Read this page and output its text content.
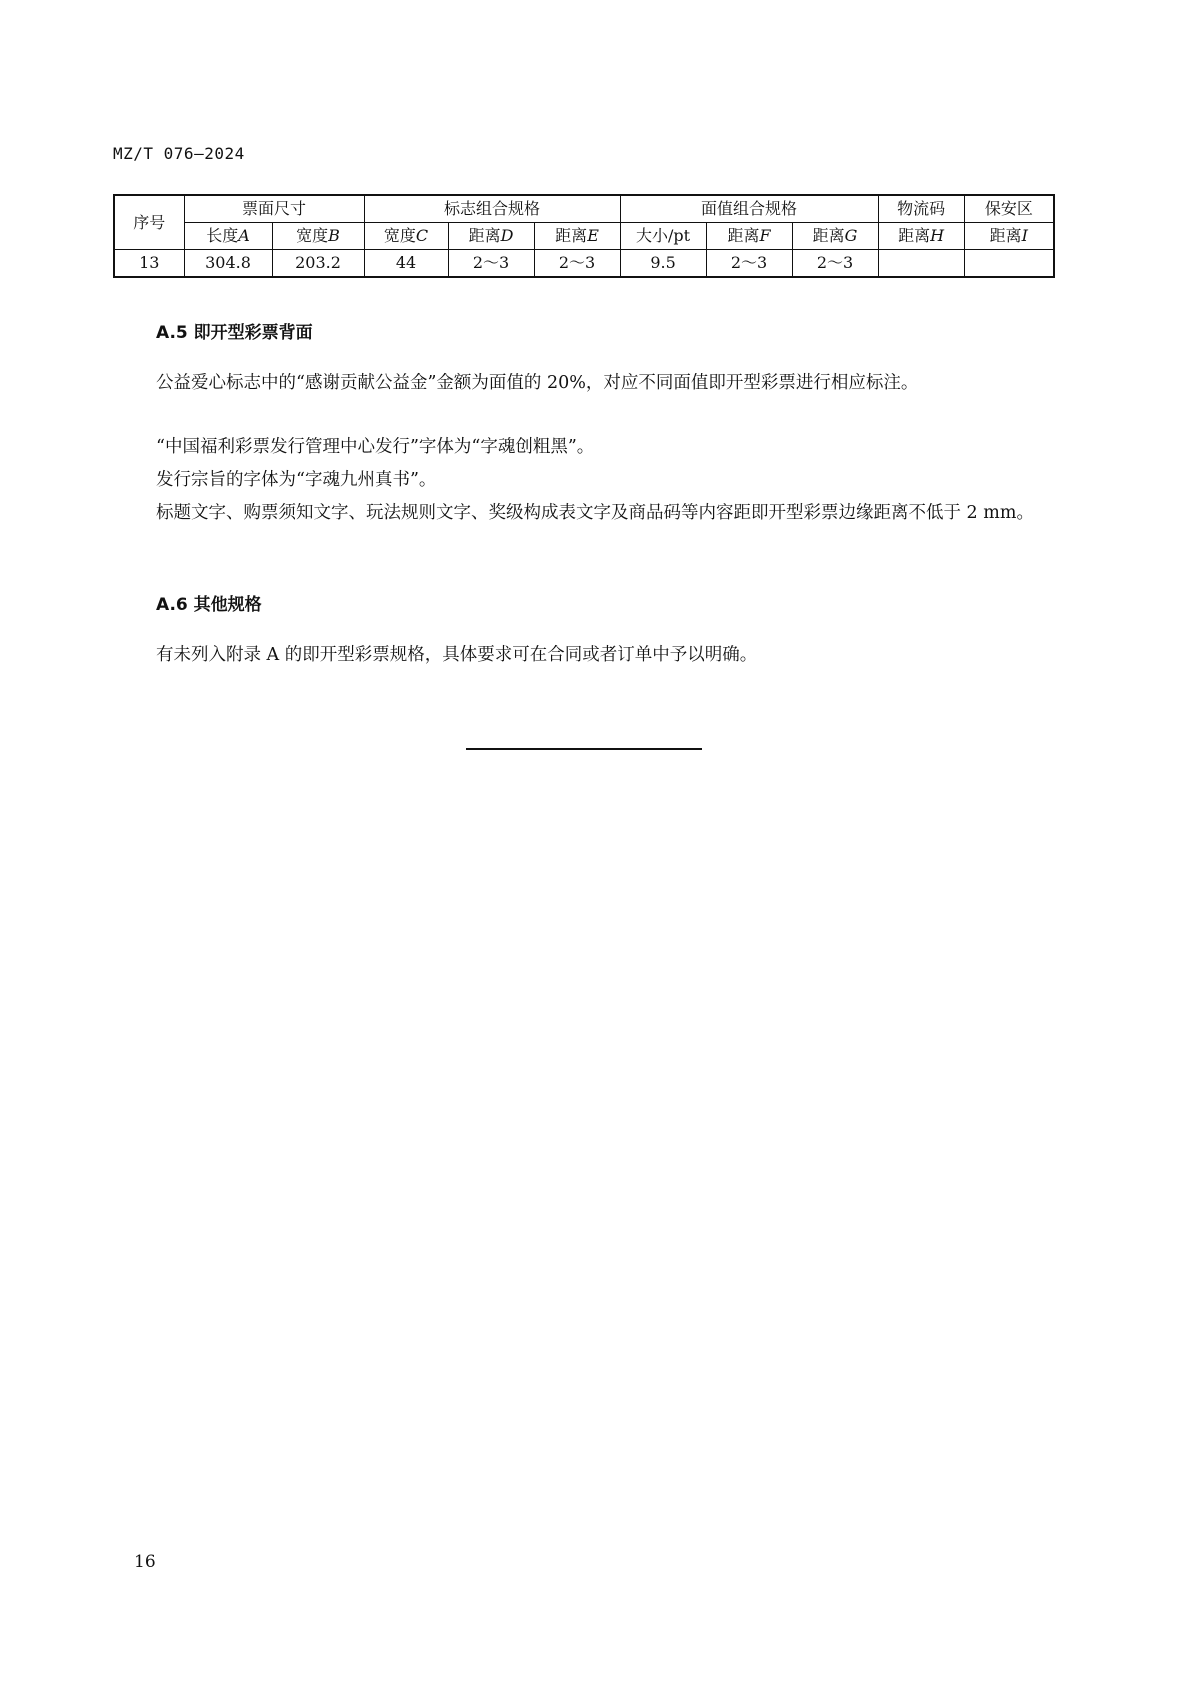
MZ/T 076—2024
序号	票面尺寸		标志组合规格			面值组合规格			物流码	保安区
	长度A	宽度B	宽度C	距离D	距离E	大小/pt	距离F	距离G	距离H	距离I
13	304.8	203.2	44	2～3	2～3	9.5	2～3	2～3		
A.5 即开型彩票背面
公益爱心标志中的“感谢贡献公益金”金额为面值的 20%，对应不同面值即开型彩票进行相应标注。
“中国福利彩票发行管理中心发行”字体为“字魂创粗黑”。
发行宗旨的字体为“字魂九州真书”。
标题文字、购票须知文字、玩法规则文字、奖级构成表文字及商品码等内容距即开型彩票边缘距离不低于 2 mm。
A.6 其他规格
有未列入附录 A 的即开型彩票规格，具体要求可在合同或者订单中予以明确。
16
